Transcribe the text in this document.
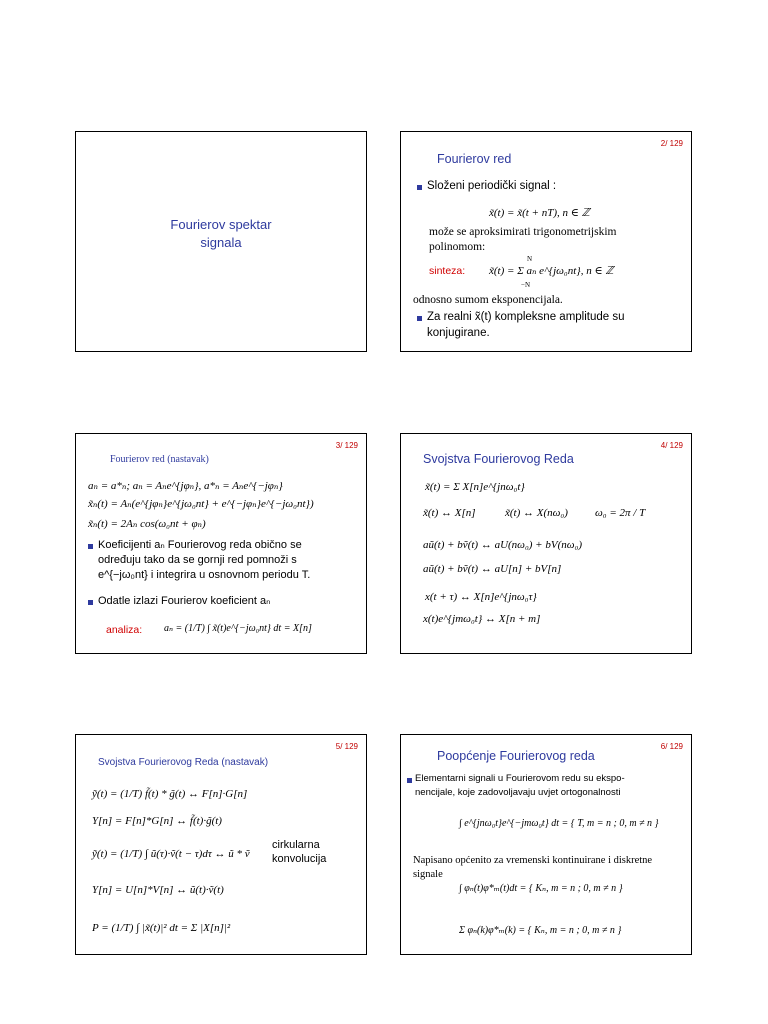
Fourierov spektar
signala
2/ 129
Fourierov red
Složeni periodički signal :
x̃(t) = x̃(t + nT), n ∈ ℤ
može se aproksimirati trigonometrijskim
polinomom:
sinteza:
N
x̃(t) = Σ aₙ e^{jω₀nt}, n ∈ ℤ
−N
odnosno sumom eksponencijala.
Za realni x̃(t) kompleksne amplitude su
konjugirane.
3/ 129
Fourierov red (nastavak)
aₙ = a*ₙ; aₙ = Aₙe^{jφₙ}, a*ₙ = Aₙe^{−jφₙ}
x̃ₙ(t) = Aₙ(e^{jφₙ}e^{jω₀nt} + e^{−jφₙ}e^{−jω₀nt})
x̃ₙ(t) = 2Aₙ cos(ω₀nt + φₙ)
Koeficijenti aₙ Fourierovog reda obično se
određuju tako da se gornji red pomnoži s
e^{−jω₀nt} i integrira u osnovnom periodu T.
Odatle izlazi Fourierov koeficient aₙ
analiza: aₙ = (1/T) ∫ x̃(t)e^{−jω₀nt} dt = X[n]
4/ 129
Svojstva Fourierovog Reda
x̃(t) = Σ X[n]e^{jnω₀t}
x̃(t) ↔ X[n]	x̃(t) ↔ X(nω₀) ω₀ = 2π / T
aũ(t) + bṽ(t) ↔ aU(nω₀) + bV(nω₀)
aũ(t) + bṽ(t) ↔ aU[n] + bV[n]
x(t + τ) ↔ X[n]e^{jnω₀τ}
x(t)e^{jmω₀t} ↔ X[n + m]
5/ 129
Svojstva Fourierovog Reda (nastavak)
ỹ(t) = (1/T) f̃(t) * g̃(t) ↔ F[n]·G[n]
Y[n] = F[n]*G[n] ↔ f̃(t)·g̃(t)
ỹ(t) = (1/T) ∫ ũ(τ)·ṽ(t − τ)dτ ↔ ũ * ṽ
cirkularna
konvolucija
Y[n] = U[n]*V[n] ↔ ũ(t)·ṽ(t)
P = (1/T) ∫ |x̃(t)|² dt = Σ |X[n]|²
6/ 129
Poopćenje Fourierovog reda
Elementarni signali u Fourierovom redu su ekspo-
nencijale, koje zadovoljavaju uvjet ortogonalnosti
∫ e^{jnω₀t}e^{−jmω₀t} dt = { T, m = n ; 0, m ≠ n }
Napisano općenito za vremenski kontinuirane i diskretne
signale
∫ φₙ(t)φ*ₘ(t)dt = { Kₙ, m = n ; 0, m ≠ n }
Σ φₙ(k)φ*ₘ(k) = { Kₙ, m = n ; 0, m ≠ n }
